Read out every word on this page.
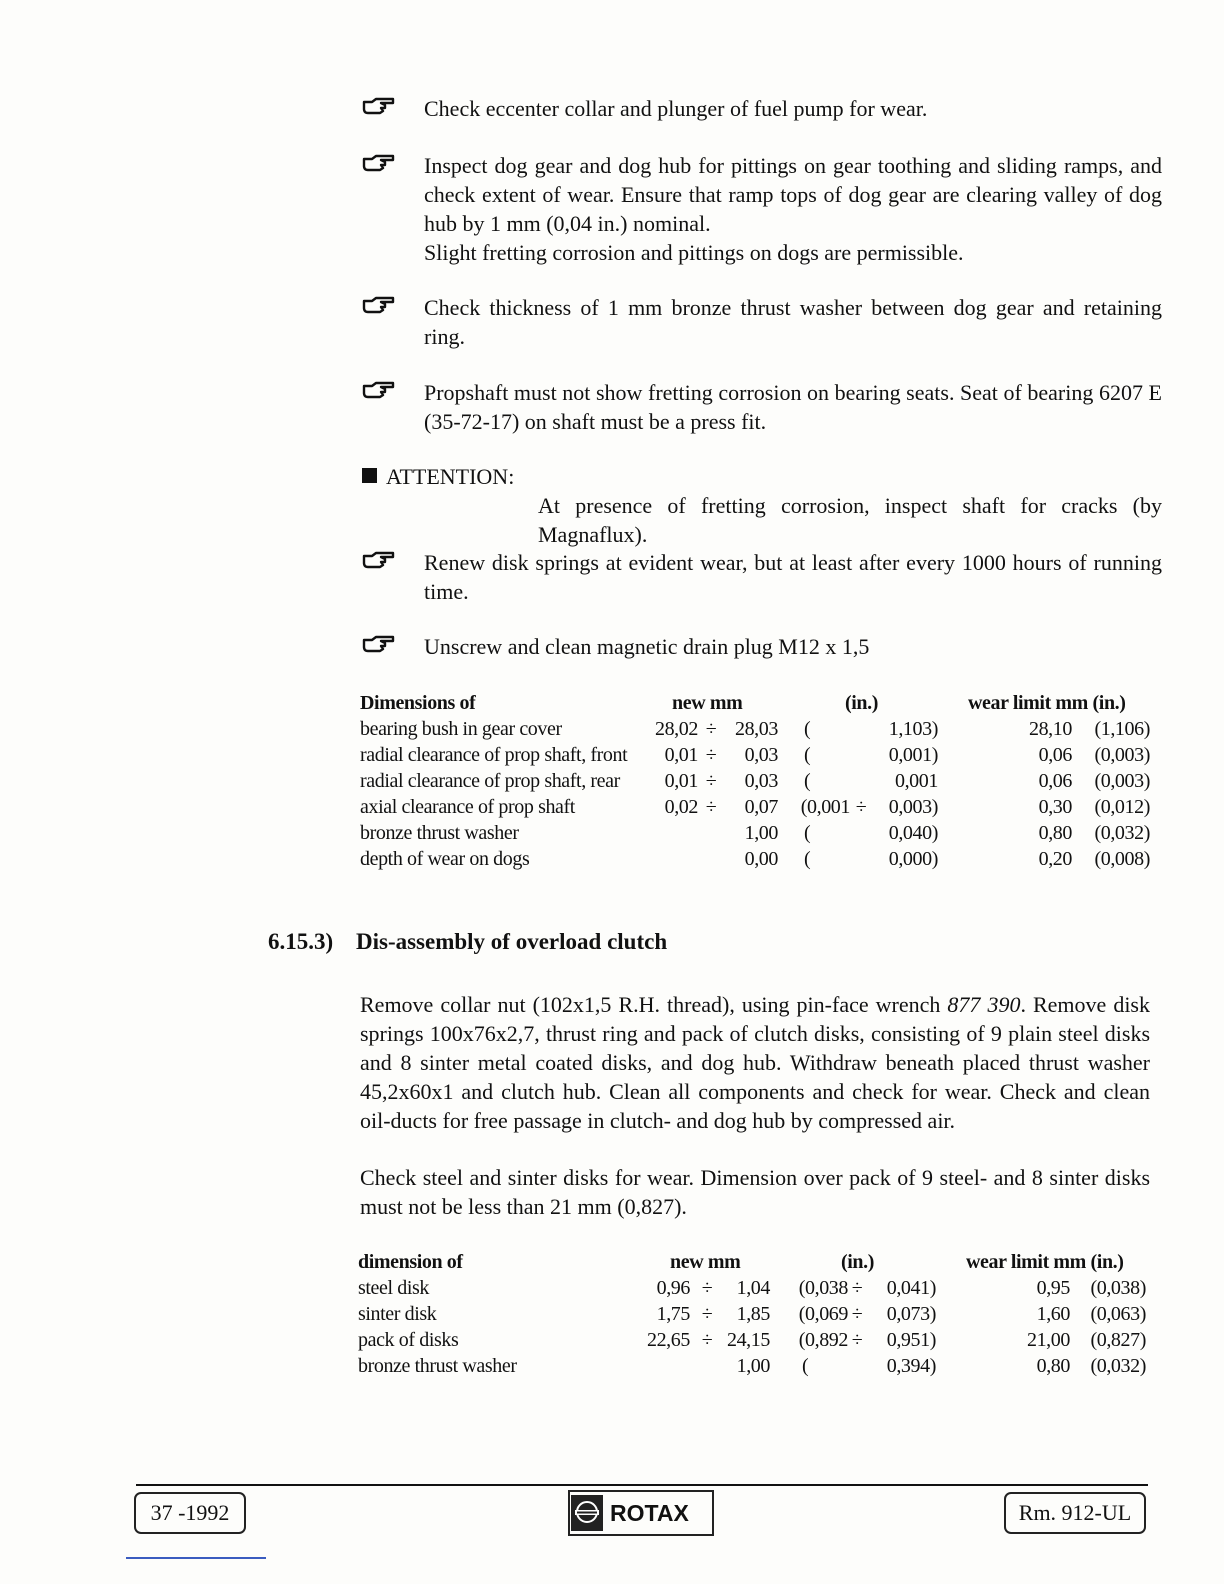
Check eccenter collar and plunger of fuel pump for wear.
Inspect dog gear and dog hub for pittings on gear toothing and sliding ramps, and check extent of wear. Ensure that ramp tops of dog gear are clearing valley of dog hub by 1 mm (0,04 in.) nominal.
Slight fretting corrosion and pittings on dogs are permissible.
Check thickness of 1 mm bronze thrust washer between dog gear and retaining ring.
Propshaft must not show fretting corrosion on bearing seats. Seat of bearing 6207 E (35-72-17) on shaft must be a press fit.
ATTENTION:
At presence of fretting corrosion, inspect shaft for cracks (by Magnaflux).
Renew disk springs at evident wear, but at least after every 1000 hours of running time.
Unscrew and clean magnetic drain plug M12 x 1,5
Dimensions of	new mm	(in.)	wear limit mm (in.)
bearing bush in gear cover	28,02 ÷ 28,03 (	1,103)	28,10	(1,106)
radial clearance of prop shaft, front	0,01 ÷	0,03 (	0,001)	0,06	(0,003)
radial clearance of prop shaft, rear	0,01 ÷	0,03 (	0,001	0,06	(0,003)
axial clearance of prop shaft	0,02 ÷	0,07	(0,001 ÷	0,003)	0,30	(0,012)
bronze thrust washer	1,00 (	0,040)	0,80	(0,032)
depth of wear on dogs	0,00 (	0,000)	0,20	(0,008)
6.15.3) Dis-assembly of overload clutch

Remove collar nut (102x1,5 R.H. thread), using pin-face wrench 877 390. Remove disk springs 100x76x2,7, thrust ring and pack of clutch disks, consisting of 9 plain steel disks and 8 sinter metal coated disks, and dog hub. Withdraw beneath placed thrust washer 45,2x60x1 and clutch hub. Clean all components and check for wear. Check and clean oil-ducts for free passage in clutch- and dog hub by compressed air.

Check steel and sinter disks for wear. Dimension over pack of 9 steel- and 8 sinter disks must not be less than 21 mm (0,827).

dimension of	new mm	(in.)	wear limit mm (in.)
steel disk	0,96 ÷	1,04	(0,038 ÷	0,041)	0,95	(0,038)
sinter disk	1,75 ÷	1,85	(0,069 ÷	0,073)	1,60	(0,063)
pack of disks	22,65 ÷ 24,15	(0,892 ÷	0,951)	21,00	(0,827)
bronze thrust washer	1,00 (	0,394)	0,80	(0,032)
37 -1992	ROTAX	Rm. 912-UL
